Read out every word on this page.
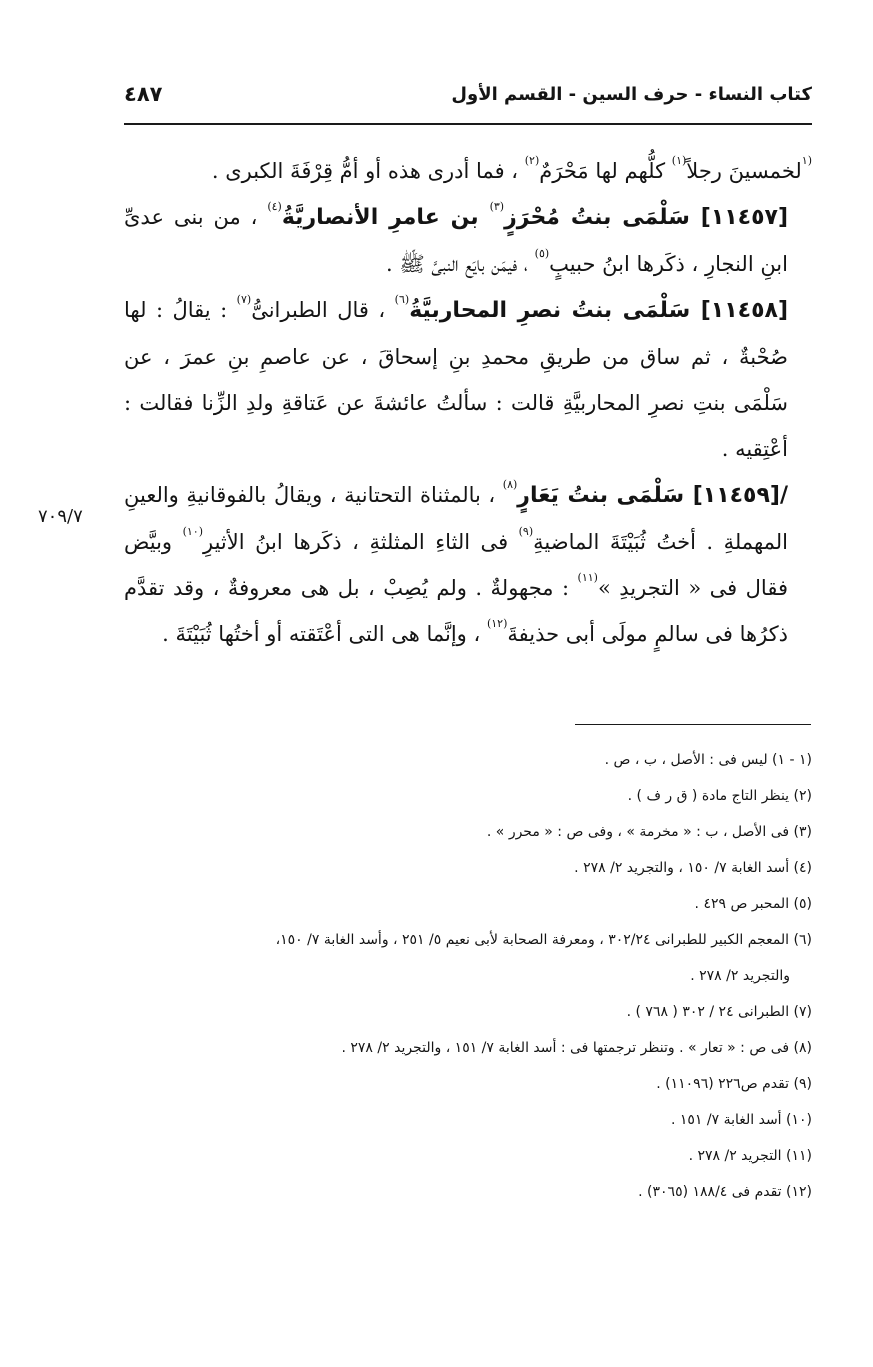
كتاب النساء - حرف السين - القسم الأول
٤٨٧

$^{(١}$لخمسينَ رجلاً$^{(١)}$ كلُّهم لها مَحْرَمٌ$^{(٢)}$ ، فما أدرى هذه أو أمُّ قِرْفَةَ الكبرى .

[١١٤٥٧] سَلْمَى بنتُ مُحْرَزٍ$^{(٣)}$ بن عامرِ الأنصاريَّةُ$^{(٤)}$ ، من بنى عدىِّ ابنِ النجارِ ، ذكَرها ابنُ حبيبٍ$^{(٥)}$ ، فيمَن بايَع النبىَّ ﷺ .

[١١٤٥٨] سَلْمَى بنتُ نصرِ المحاربيَّةُ$^{(٦)}$ ، قال الطبرانىُّ$^{(٧)}$ : يقالُ : لها صُحْبةٌ ، ثم ساق من طريقِ محمدِ بنِ إسحاقَ ، عن عاصمِ بنِ عمرَ ، عن سَلْمَى بنتِ نصرِ المحاربيَّةِ قالت : سألتُ عائشةَ عن عَتاقةِ ولدِ الزِّنا فقالت : أعْتِقيه .

/[١١٤٥٩] سَلْمَى بنتُ يَعَارٍ$^{(٨)}$ ، بالمثناة التحتانية ، ويقالُ بالفوقانيةِ والعينِ المهملةِ . أختُ ثُبَيْتَةَ الماضيةِ$^{(٩)}$ فى الثاءِ المثلثةِ ، ذكَرها ابنُ الأثيرِ$^{(١٠)}$ وبيَّض فقال فى « التجريدِ »$^{(١١)}$ : مجهولةٌ . ولم يُصِبْ ، بل هى معروفةٌ ، وقد تقدَّم ذكرُها فى سالمٍ مولَى أبى حذيفةَ$^{(١٢)}$ ، وإنَّما هى التى أعْتَقته أو أختُها ثُبَيْتَةَ .

٧٠٩/٧
(١ - ١) ليس فى : الأصل ، ب ، ص .
(٢) ينظر التاج مادة ( ق ر ف ) .
(٣) فى الأصل ، ب : « مخرمة » ، وفى ص : « محرر » .
(٤) أسد الغابة ٧/ ١٥٠ ، والتجريد ٢/ ٢٧٨ .
(٥) المحبر ص ٤٢٩ .
(٦) المعجم الكبير للطبرانى ٣٠٢/٢٤ ، ومعرفة الصحابة لأبى نعيم ٥/ ٢٥١ ، وأسد الغابة ٧/ ١٥٠،
والتجريد ٢/ ٢٧٨ .
(٧) الطبرانى ٢٤ / ٣٠٢ ( ٧٦٨ ) .
(٨) فى ص : « تعار » . وتنظر ترجمتها فى : أسد الغابة ٧/ ١٥١ ، والتجريد ٢/ ٢٧٨ .
(٩) تقدم ص٢٢٦ (١١٠٩٦) .
(١٠) أسد الغابة ٧/ ١٥١ .
(١١) التجريد ٢/ ٢٧٨ .
(١٢) تقدم فى ١٨٨/٤ (٣٠٦٥) .
